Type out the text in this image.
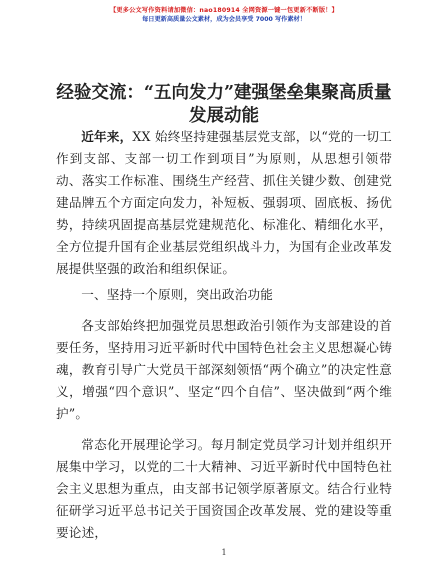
【更多公文写作资料请加微信：nao180914 全网资源一键一包更新不断版！】
每日更新高质量公文素材，成为会员享受 7000 写作素材！
经验交流：“五向发力”建强堡垒集聚高质量
发展动能

近年来，XX 始终坚持建强基层党支部，以“党的一切工作到支部、支部一切工作到项目”为原则，从思想引领带动、落实工作标准、围绕生产经营、抓住关键少数、创建党建品牌五个方面定向发力，补短板、强弱项、固底板、扬优势，持续巩固提高基层党建规范化、标准化、精细化水平，全方位提升国有企业基层党组织战斗力，为国有企业改革发展提供坚强的政治和组织保证。

一、坚持一个原则，突出政治功能

各支部始终把加强党员思想政治引领作为支部建设的首要任务，坚持用习近平新时代中国特色社会主义思想凝心铸魂，教育引导广大党员干部深刻领悟“两个确立”的决定性意义，增强“四个意识”、坚定“四个自信”、坚决做到“两个维护”。

常态化开展理论学习。每月制定党员学习计划并组织开展集中学习，以党的二十大精神、习近平新时代中国特色社会主义思想为重点，由支部书记领学原著原文。结合行业特征研学习近平总书记关于国资国企改革发展、党的建设等重要论述，

1
